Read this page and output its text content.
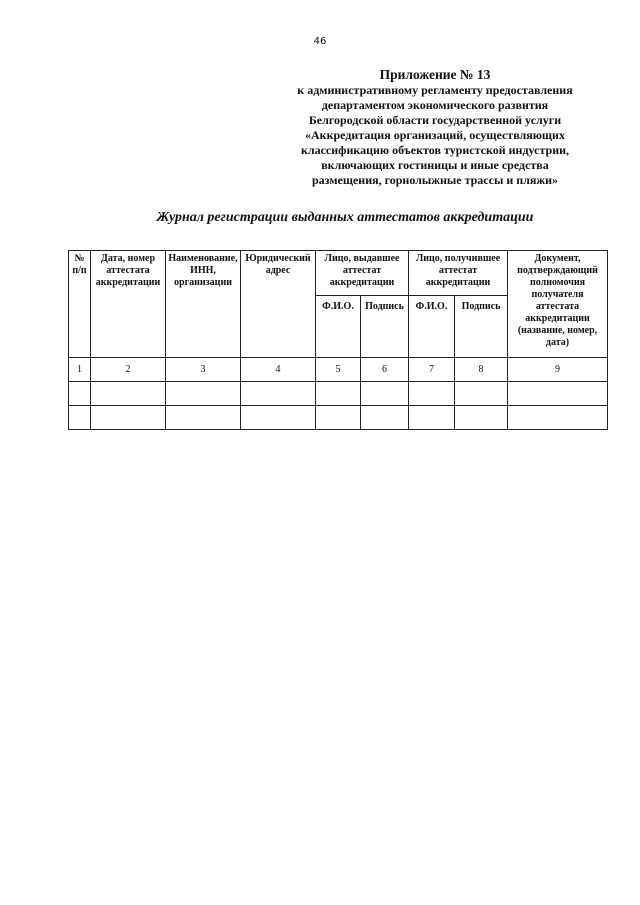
46
Приложение № 13
к административному регламенту предоставления
департаментом экономического развития
Белгородской области государственной услуги
«Аккредитация организаций, осуществляющих
классификацию объектов туристской индустрии,
включающих гостиницы и иные средства
размещения, горнолыжные трассы и пляжи»
Журнал регистрации выданных аттестатов аккредитации
№ п/п	Дата, номер аттестата аккредитации	Наименование, ИНН, организации	Юридический адрес	Лицо, выдавшее аттестат аккредитации		Лицо, получившее аттестат аккредитации		Документ, подтверждающий полномочия получателя аттестата аккредитации (название, номер, дата)
				Ф.И.О.	Подпись	Ф.И.О.	Подпись	
1	2	3	4	5	6	7	8	9
